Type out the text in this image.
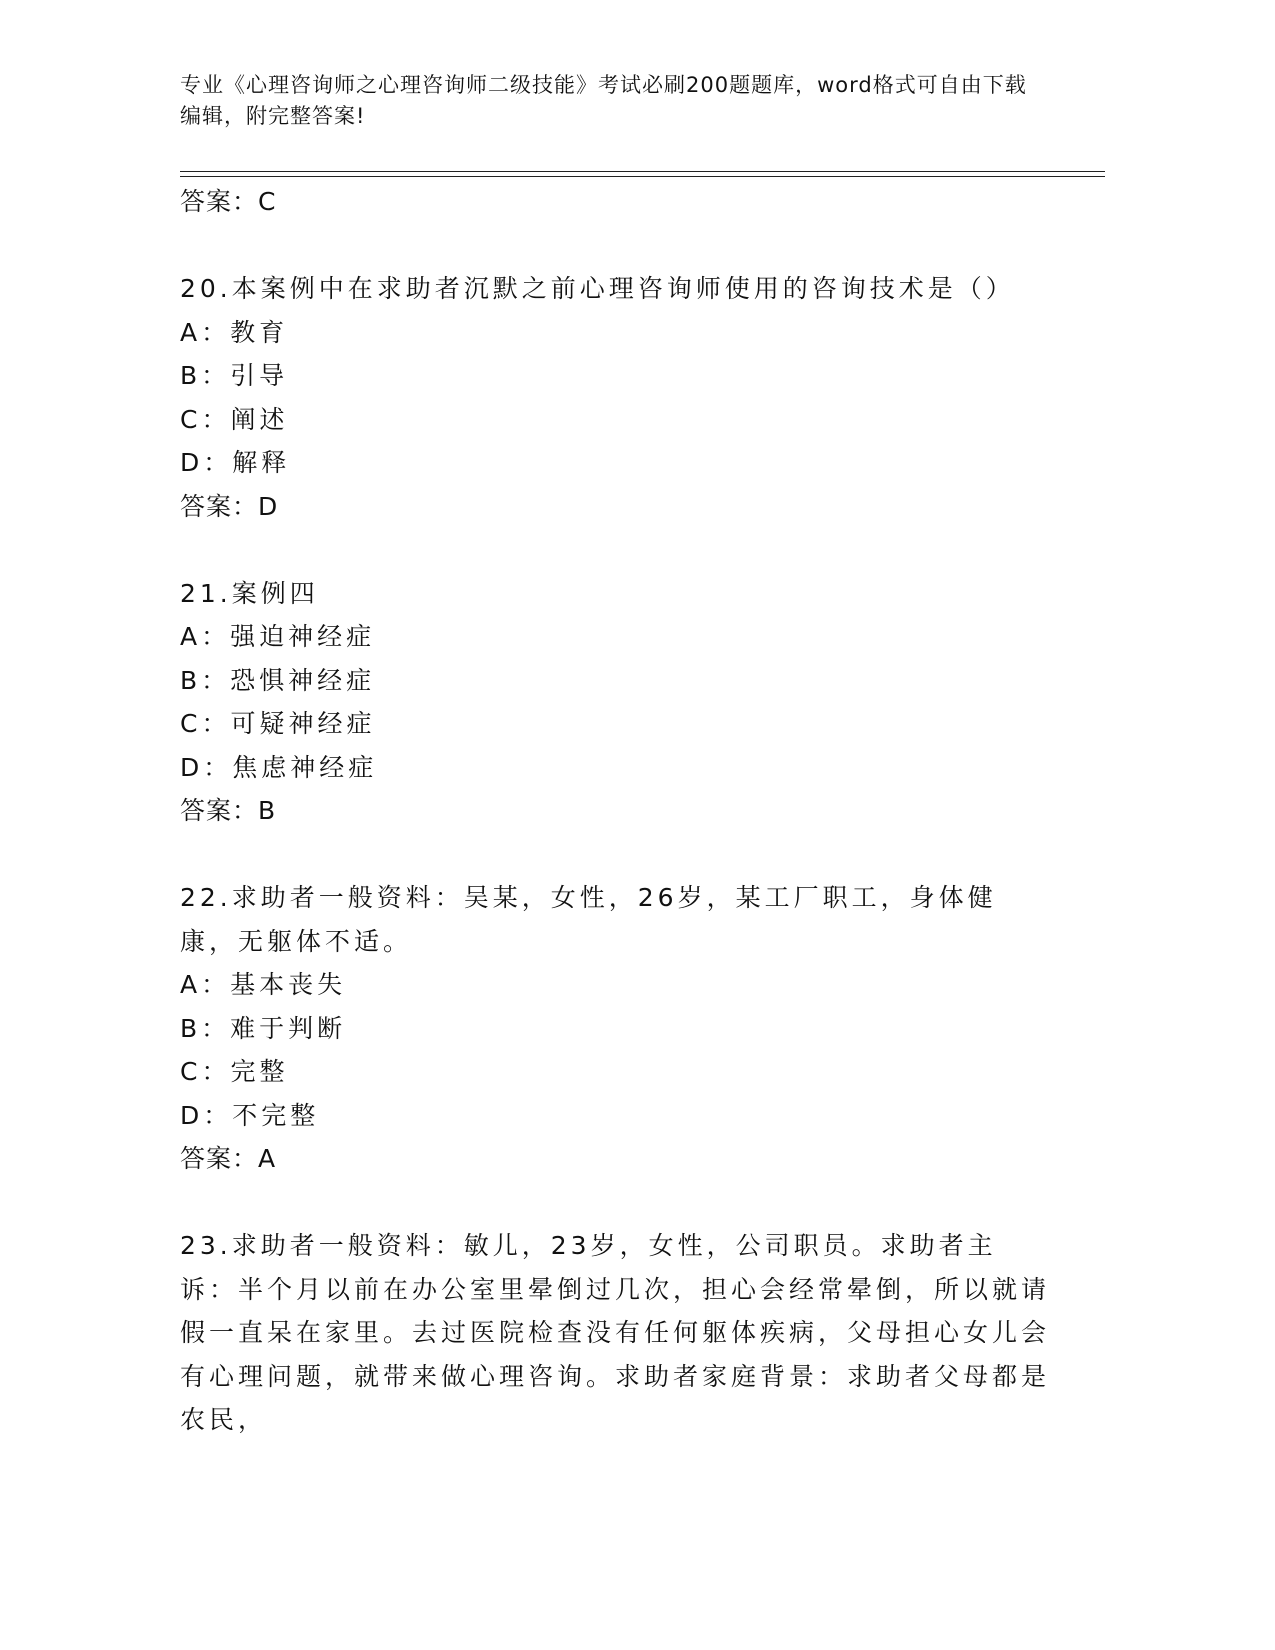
专业《心理咨询师之心理咨询师二级技能》考试必刷200题题库，word格式可自由下载编辑，附完整答案!
答案：C
20.本案例中在求助者沉默之前心理咨询师使用的咨询技术是（）
A：教育
B：引导
C：阐述
D：解释
答案：D
21.案例四
A：强迫神经症
B：恐惧神经症
C：可疑神经症
D：焦虑神经症
答案：B
22.求助者一般资料：吴某，女性，26岁，某工厂职工，身体健康，无躯体不适。
A：基本丧失
B：难于判断
C：完整
D：不完整
答案：A
23.求助者一般资料：敏儿，23岁，女性，公司职员。求助者主诉：半个月以前在办公室里晕倒过几次，担心会经常晕倒，所以就请假一直呆在家里。去过医院检查没有任何躯体疾病，父母担心女儿会有心理问题，就带来做心理咨询。求助者家庭背景：求助者父母都是农民，
